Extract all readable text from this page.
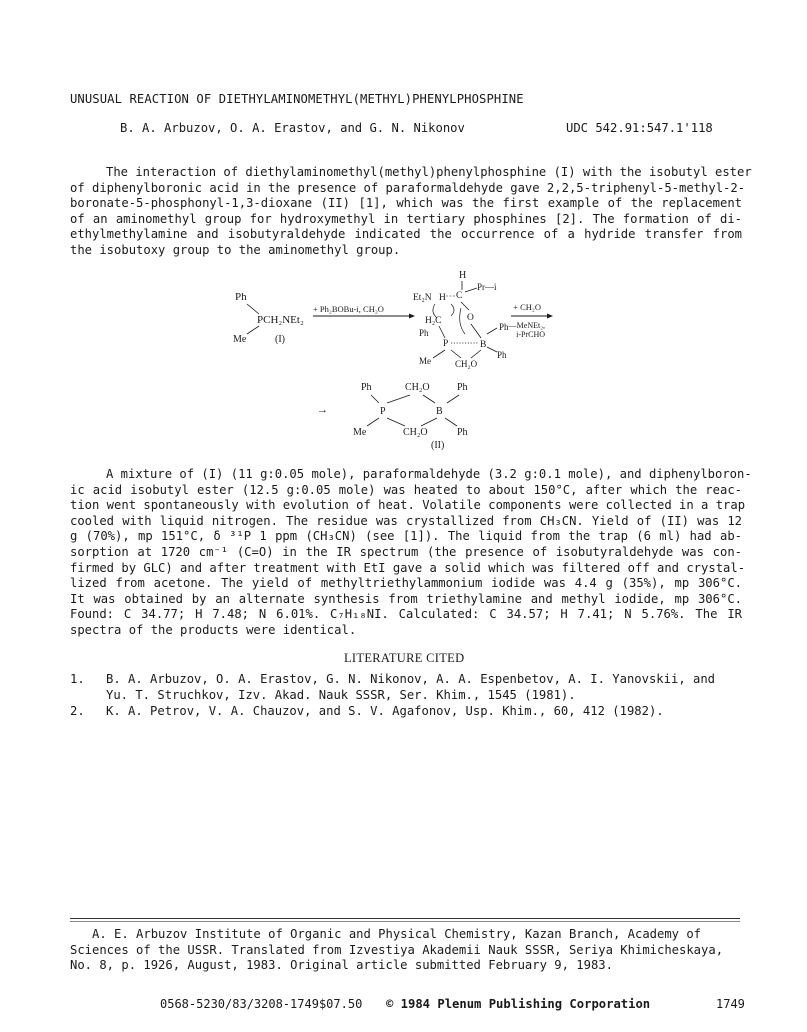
UNUSUAL REACTION OF DIETHYLAMINOMETHYL(METHYL)PHENYLPHOSPHINE
B. A. Arbuzov, O. A. Erastov, and G. N. Nikonov	UDC 542.91:547.1'118
The interaction of diethylaminomethyl(methyl)phenylphosphine (I) with the isobutyl ester
of diphenylboronic acid in the presence of paraformaldehyde gave 2,2,5-triphenyl-5-methyl-2-
boronate-5-phosphonyl-1,3-dioxane (II) [1], which was the first example of the replacement
of an aminomethyl group for hydroxymethyl in tertiary phosphines [2]. The formation of di-
ethylmethylamine and isobutyraldehyde indicated the occurrence of a hydride transfer from
the isobutoxy group to the aminomethyl group.
Ph
PCH₂NEt₂
Me	(I)
+ Ph₂BOBu-i, CH₂O
H
Et₂N H C
Pr—i
H₂C	O
Ph
Ph
P	B
Ph
Me	CH₂O
+ CH₂O
—MeNEt₂,
i-PrCHO
→
Ph	CH₂O	Ph
P	B
Me	CH₂O	Ph
(II)
A mixture of (I) (11 g:0.05 mole), paraformaldehyde (3.2 g:0.1 mole), and diphenylboron-
ic acid isobutyl ester (12.5 g:0.05 mole) was heated to about 150°C, after which the reac-
tion went spontaneously with evolution of heat. Volatile components were collected in a trap
cooled with liquid nitrogen. The residue was crystallized from CH₃CN. Yield of (II) was 12
g (70%), mp 151°C, δ ³¹P 1 ppm (CH₃CN) (see [1]). The liquid from the trap (6 ml) had ab-
sorption at 1720 cm⁻¹ (C=O) in the IR spectrum (the presence of isobutyraldehyde was con-
firmed by GLC) and after treatment with EtI gave a solid which was filtered off and crystal-
lized from acetone. The yield of methyltriethylammonium iodide was 4.4 g (35%), mp 306°C.
It was obtained by an alternate synthesis from triethylamine and methyl iodide, mp 306°C.
Found: C 34.77; H 7.48; N 6.01%. C₇H₁₈NI. Calculated: C 34.57; H 7.41; N 5.76%. The IR
spectra of the products were identical.
LITERATURE CITED
1. B. A. Arbuzov, O. A. Erastov, G. N. Nikonov, A. A. Espenbetov, A. I. Yanovskii, and
Yu. T. Struchkov, Izv. Akad. Nauk SSSR, Ser. Khim., 1545 (1981).
2. K. A. Petrov, V. A. Chauzov, and S. V. Agafonov, Usp. Khim., 60, 412 (1982).
A. E. Arbuzov Institute of Organic and Physical Chemistry, Kazan Branch, Academy of
Sciences of the USSR. Translated from Izvestiya Akademii Nauk SSSR, Seriya Khimicheskaya,
No. 8, p. 1926, August, 1983. Original article submitted February 9, 1983.
0568-5230/83/3208-1749$07.50 © 1984 Plenum Publishing Corporation	1749
